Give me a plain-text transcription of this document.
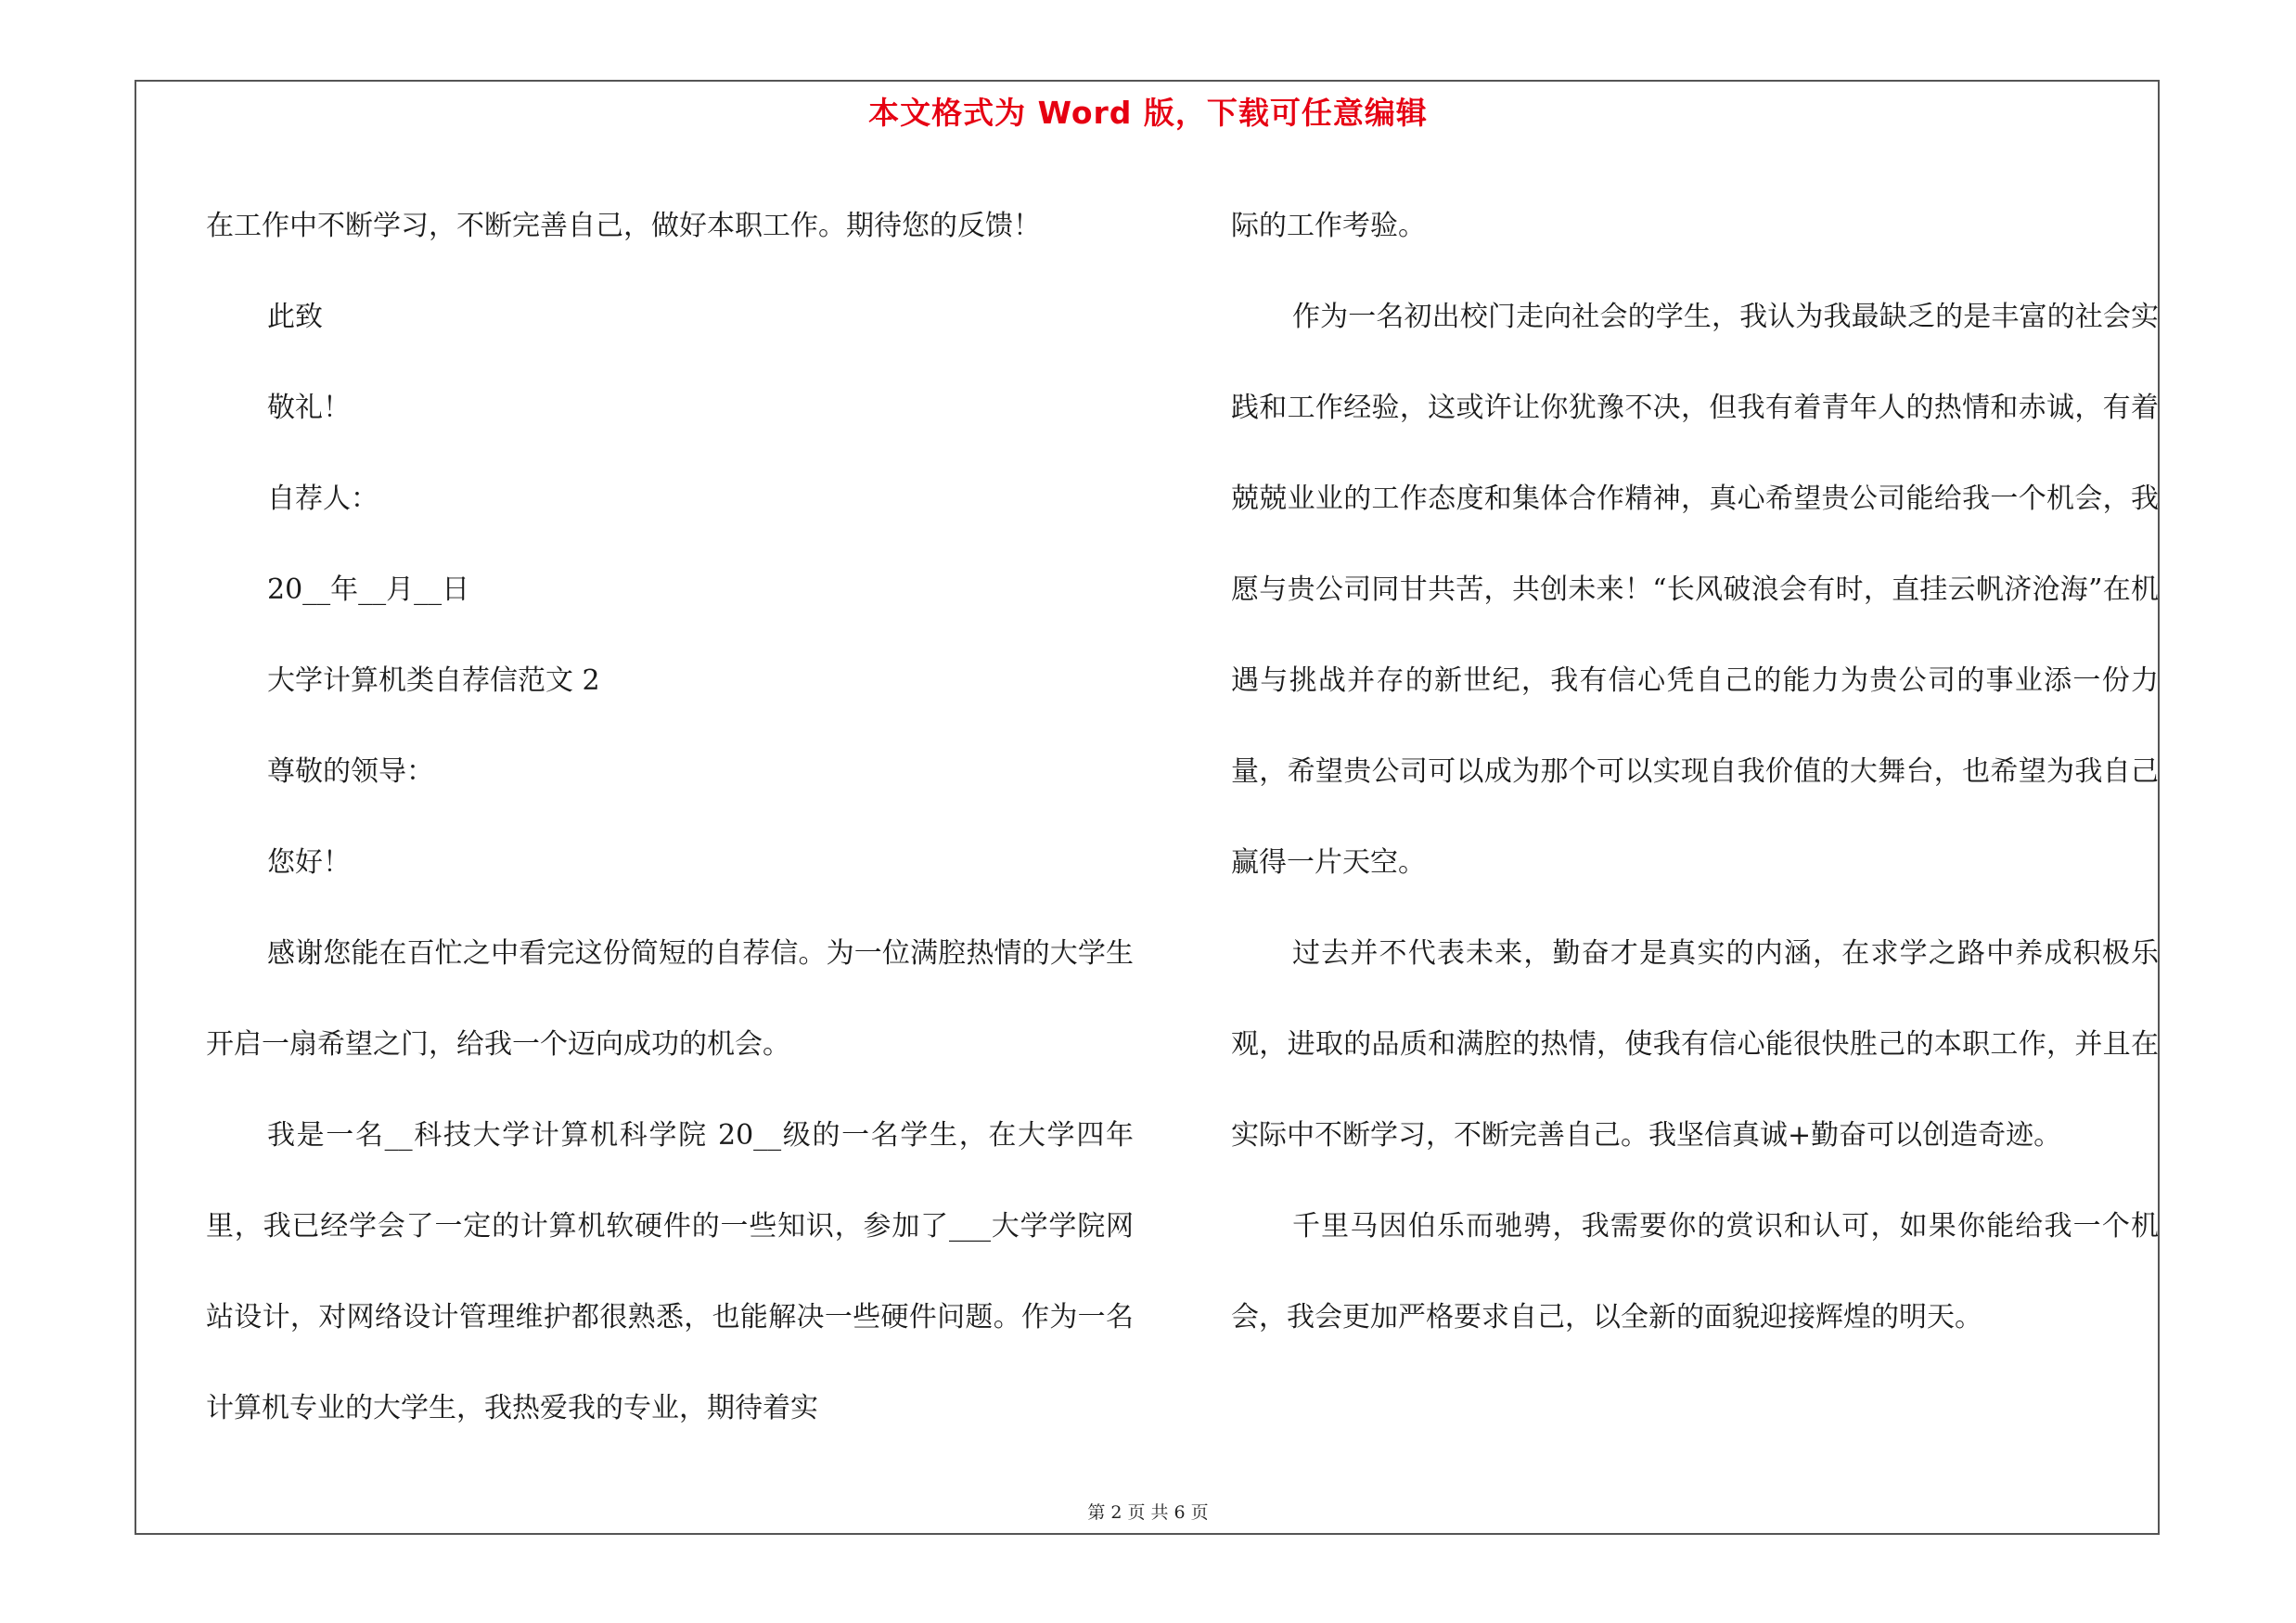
本文格式为 Word 版，下载可任意编辑

在工作中不断学习，不断完善自己，做好本职工作。期待您的反馈！

此致

敬礼！

自荐人：

20__年__月__日

大学计算机类自荐信范文 2

尊敬的领导：

您好！

感谢您能在百忙之中看完这份简短的自荐信。为一位满腔热情的大学生开启一扇希望之门，给我一个迈向成功的机会。

我是一名__科技大学计算机科学院 20__级的一名学生，在大学四年里，我已经学会了一定的计算机软硬件的一些知识，参加了___大学学院网站设计，对网络设计管理维护都很熟悉，也能解决一些硬件问题。作为一名计算机专业的大学生，我热爱我的专业，期待着实

际的工作考验。

作为一名初出校门走向社会的学生，我认为我最缺乏的是丰富的社会实践和工作经验，这或许让你犹豫不决，但我有着青年人的热情和赤诚，有着兢兢业业的工作态度和集体合作精神，真心希望贵公司能给我一个机会，我愿与贵公司同甘共苦，共创未来！“长风破浪会有时，直挂云帆济沧海”在机遇与挑战并存的新世纪，我有信心凭自己的能力为贵公司的事业添一份力量，希望贵公司可以成为那个可以实现自我价值的大舞台，也希望为我自己赢得一片天空。

过去并不代表未来，勤奋才是真实的内涵，在求学之路中养成积极乐观，进取的品质和满腔的热情，使我有信心能很快胜己的本职工作，并且在实际中不断学习，不断完善自己。我坚信真诚+勤奋可以创造奇迹。

千里马因伯乐而驰骋，我需要你的赏识和认可，如果你能给我一个机会，我会更加严格要求自己，以全新的面貌迎接辉煌的明天。

第 2 页 共 6 页
